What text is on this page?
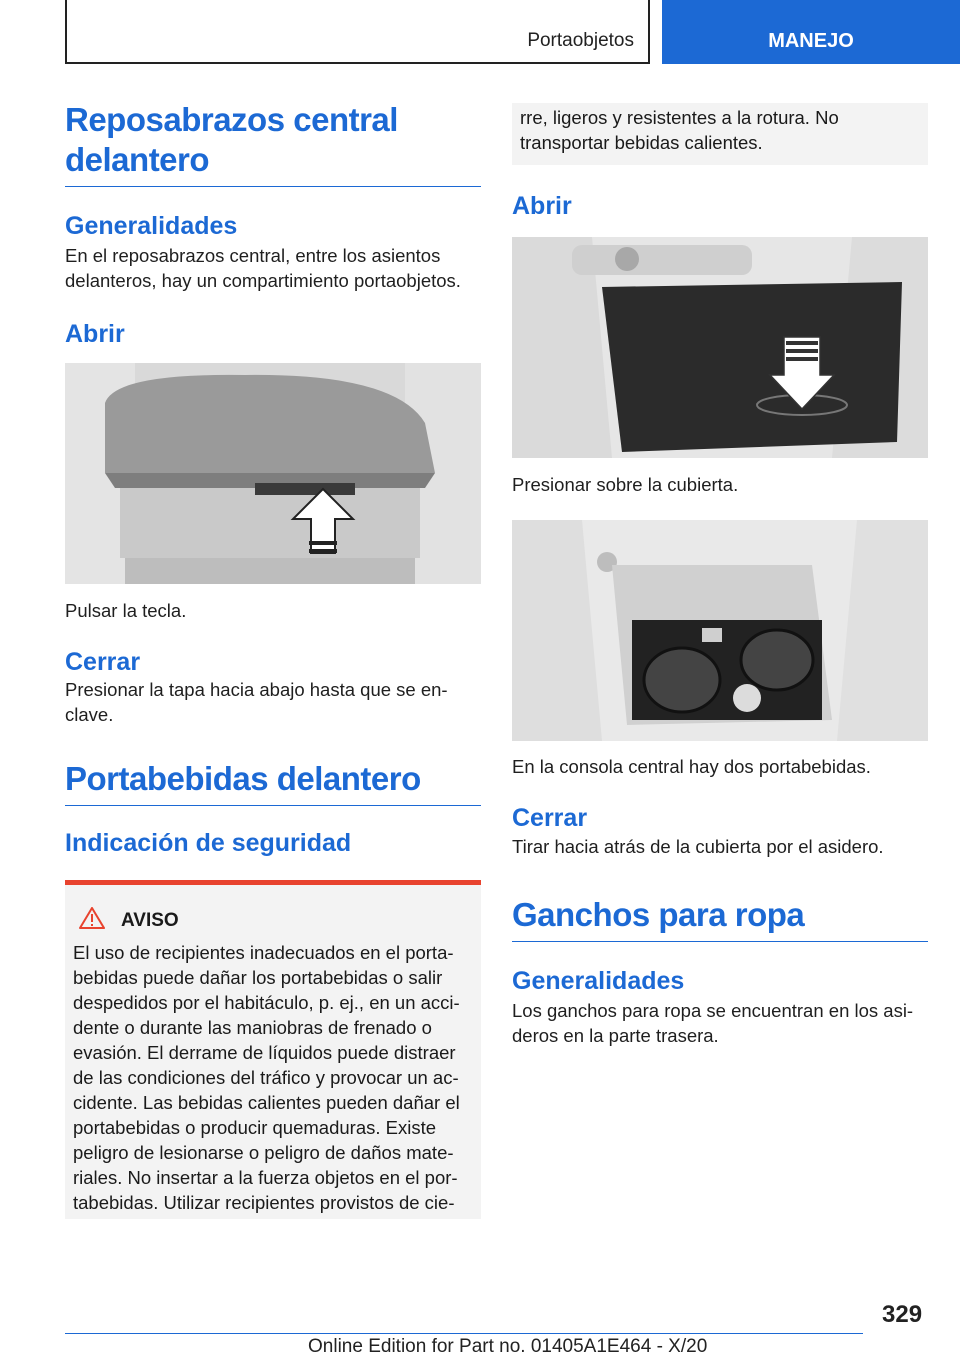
Portaobjetos	MANEJO
Reposabrazos central delantero
Generalidades

En el reposabrazos central, entre los asientos delanteros, hay un compartimiento portaobjetos.

Abrir

Pulsar la tecla.

Cerrar

Presionar la tapa hacia abajo hasta que se en-clave.

Portabebidas delantero
Indicación de seguridad
AVISO

El uso de recipientes inadecuados en el porta-bebidas puede dañar los portabebidas o salir despedidos por el habitáculo, p. ej., en un acci-dente o durante las maniobras de frenado o evasión. El derrame de líquidos puede distraer de las condiciones del tráfico y provocar un ac-cidente. Las bebidas calientes pueden dañar el portabebidas o producir quemaduras. Existe peligro de lesionarse o peligro de daños mate-riales. No insertar a la fuerza objetos en el por-tabebidas. Utilizar recipientes provistos de cie-

rre, ligeros y resistentes a la rotura. No transportar bebidas calientes.

Abrir

Presionar sobre la cubierta.

En la consola central hay dos portabebidas.

Cerrar

Tirar hacia atrás de la cubierta por el asidero.

Ganchos para ropa
Generalidades

Los ganchos para ropa se encuentran en los asi-deros en la parte trasera.

329
Online Edition for Part no. 01405A1E464 - X/20
